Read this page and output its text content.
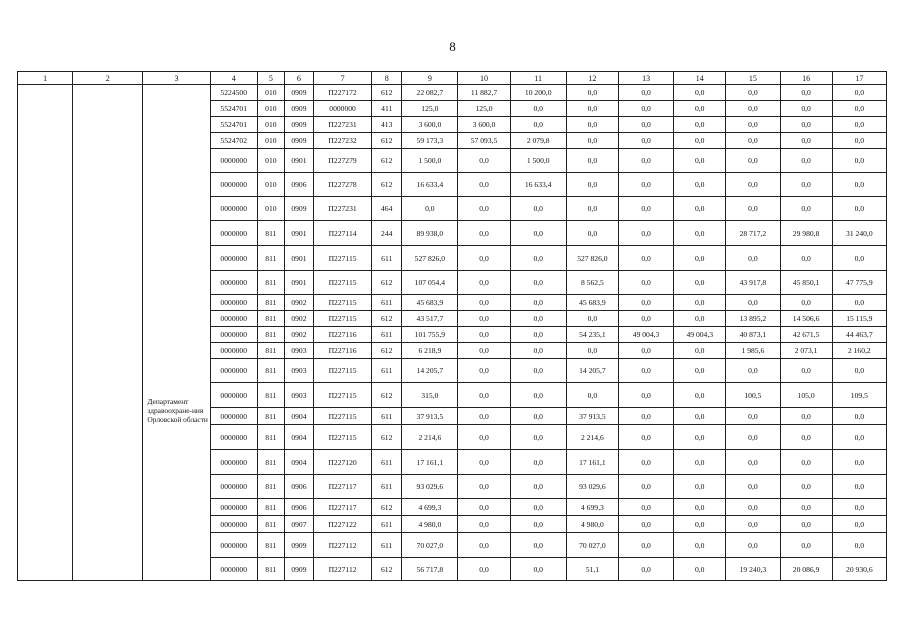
8
1	2	3	4	5	6	7	8	9	10	11	12	13	14	15	16	17

		Департамент здравоохране-ния Орловской области	5224500	010	0909	П227172	612	22 082,7	11 882,7	10 200,0	0,0	0,0	0,0	0,0	0,0	0,0
			5524701	010	0909	0000000	411	125,0	125,0	0,0	0,0	0,0	0,0	0,0	0,0	0,0
			5524701	010	0909	П227231	413	3 600,0	3 600,0	0,0	0,0	0,0	0,0	0,0	0,0	0,0
			5524702	010	0909	П227232	612	59 173,3	57 093,5	2 079,8	0,0	0,0	0,0	0,0	0,0	0,0
			0000000	010	0901	П227279	612	1 500,0	0,0	1 500,0	0,0	0,0	0,0	0,0	0,0	0,0
			0000000	010	0906	П227278	612	16 633,4	0,0	16 633,4	0,0	0,0	0,0	0,0	0,0	0,0
			0000000	010	0909	П227231	464	0,0	0,0	0,0	0,0	0,0	0,0	0,0	0,0	0,0
			0000000	811	0901	П227114	244	89 938,0	0,0	0,0	0,0	0,0	0,0	28 717,2	29 980,8	31 240,0
			0000000	811	0901	П227115	611	527 826,0	0,0	0,0	527 826,0	0,0	0,0	0,0	0,0	0,0
			0000000	811	0901	П227115	612	107 054,4	0,0	0,0	8 562,5	0,0	0,0	43 917,8	45 850,1	47 775,9
			0000000	811	0902	П227115	611	45 683,9	0,0	0,0	45 683,9	0,0	0,0	0,0	0,0	0,0
			0000000	811	0902	П227115	612	43 517,7	0,0	0,0	0,0	0,0	0,0	13 895,2	14 506,6	15 115,9
			0000000	811	0902	П227116	611	101 755,9	0,0	0,0	54 235,1	49 004,3	49 004,3	40 873,1	42 671,5	44 463,7
			0000000	811	0903	П227116	612	6 218,9	0,0	0,0	0,0	0,0	0,0	1 985,6	2 073,1	2 160,2
			0000000	811	0903	П227115	611	14 205,7	0,0	0,0	14 205,7	0,0	0,0	0,0	0,0	0,0
			0000000	811	0903	П227115	612	315,0	0,0	0,0	0,0	0,0	0,0	100,5	105,0	109,5
			0000000	811	0904	П227115	611	37 913,5	0,0	0,0	37 913,5	0,0	0,0	0,0	0,0	0,0
			0000000	811	0904	П227115	612	2 214,6	0,0	0,0	2 214,6	0,0	0,0	0,0	0,0	0,0
			0000000	811	0904	П227120	611	17 161,1	0,0	0,0	17 161,1	0,0	0,0	0,0	0,0	0,0
			0000000	811	0906	П227117	611	93 029,6	0,0	0,0	93 029,6	0,0	0,0	0,0	0,0	0,0
			0000000	811	0906	П227117	612	4 699,3	0,0	0,0	4 699,3	0,0	0,0	0,0	0,0	0,0
			0000000	811	0907	П227122	611	4 980,0	0,0	0,0	4 980,0	0,0	0,0	0,0	0,0	0,0
			0000000	811	0909	П227112	611	70 027,0	0,0	0,0	70 027,0	0,0	0,0	0,0	0,0	0,0
			0000000	811	0909	П227112	612	56 717,8	0,0	0,0	51,1	0,0	0,0	19 240,3	20 086,9	20 930,6
